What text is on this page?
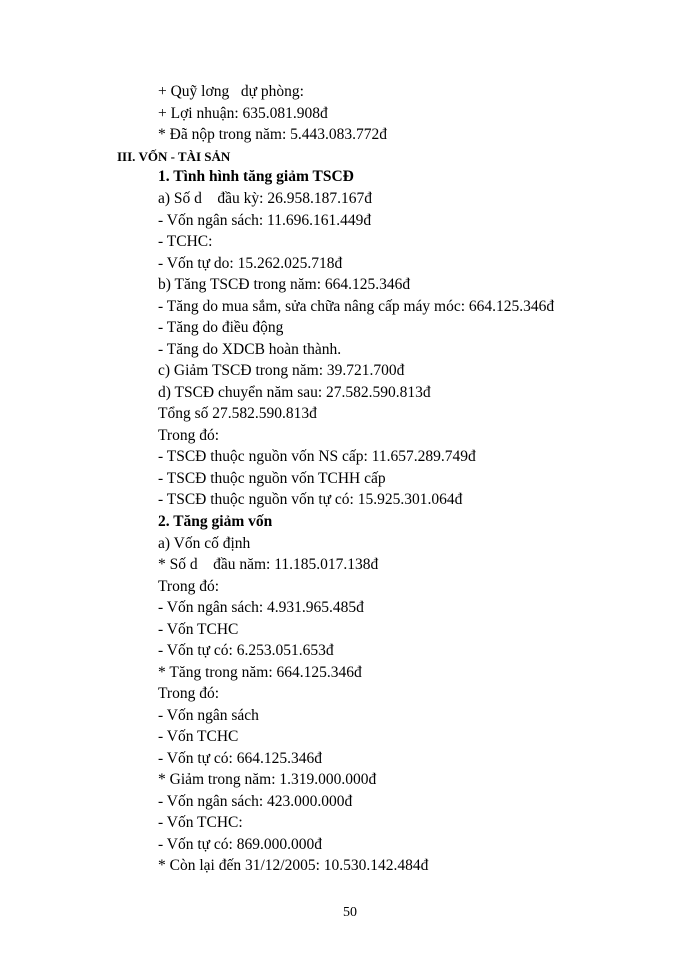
+ Quỹ lơng   dự phòng:
+ Lợi nhuận: 635.081.908đ
* Đã nộp trong năm: 5.443.083.772đ
III. VỐN - TÀI SẢN
1. Tình hình tăng giảm TSCĐ
a) Số d    đầu kỳ: 26.958.187.167đ
- Vốn ngân sách: 11.696.161.449đ
- TCHC:
- Vốn tự do: 15.262.025.718đ
b) Tăng TSCĐ trong năm: 664.125.346đ
- Tăng do mua sắm, sửa chữa nâng cấp máy móc: 664.125.346đ
- Tăng do điều động
- Tăng do XDCB hoàn thành.
c) Giảm TSCĐ trong năm: 39.721.700đ
d) TSCĐ chuyển năm sau: 27.582.590.813đ
Tổng số 27.582.590.813đ
Trong đó:
- TSCĐ thuộc nguồn vốn NS cấp: 11.657.289.749đ
- TSCĐ thuộc nguồn vốn TCHH cấp
- TSCĐ thuộc nguồn vốn tự có: 15.925.301.064đ
2. Tăng giảm vốn
a) Vốn cố định
* Số d    đầu năm: 11.185.017.138đ
Trong đó:
- Vốn ngân sách: 4.931.965.485đ
- Vốn TCHC
- Vốn tự có: 6.253.051.653đ
* Tăng trong năm: 664.125.346đ
Trong đó:
- Vốn ngân sách
- Vốn TCHC
- Vốn tự có: 664.125.346đ
* Giảm trong năm: 1.319.000.000đ
- Vốn ngân sách: 423.000.000đ
- Vốn TCHC:
- Vốn tự có: 869.000.000đ
* Còn lại đến 31/12/2005: 10.530.142.484đ
50
